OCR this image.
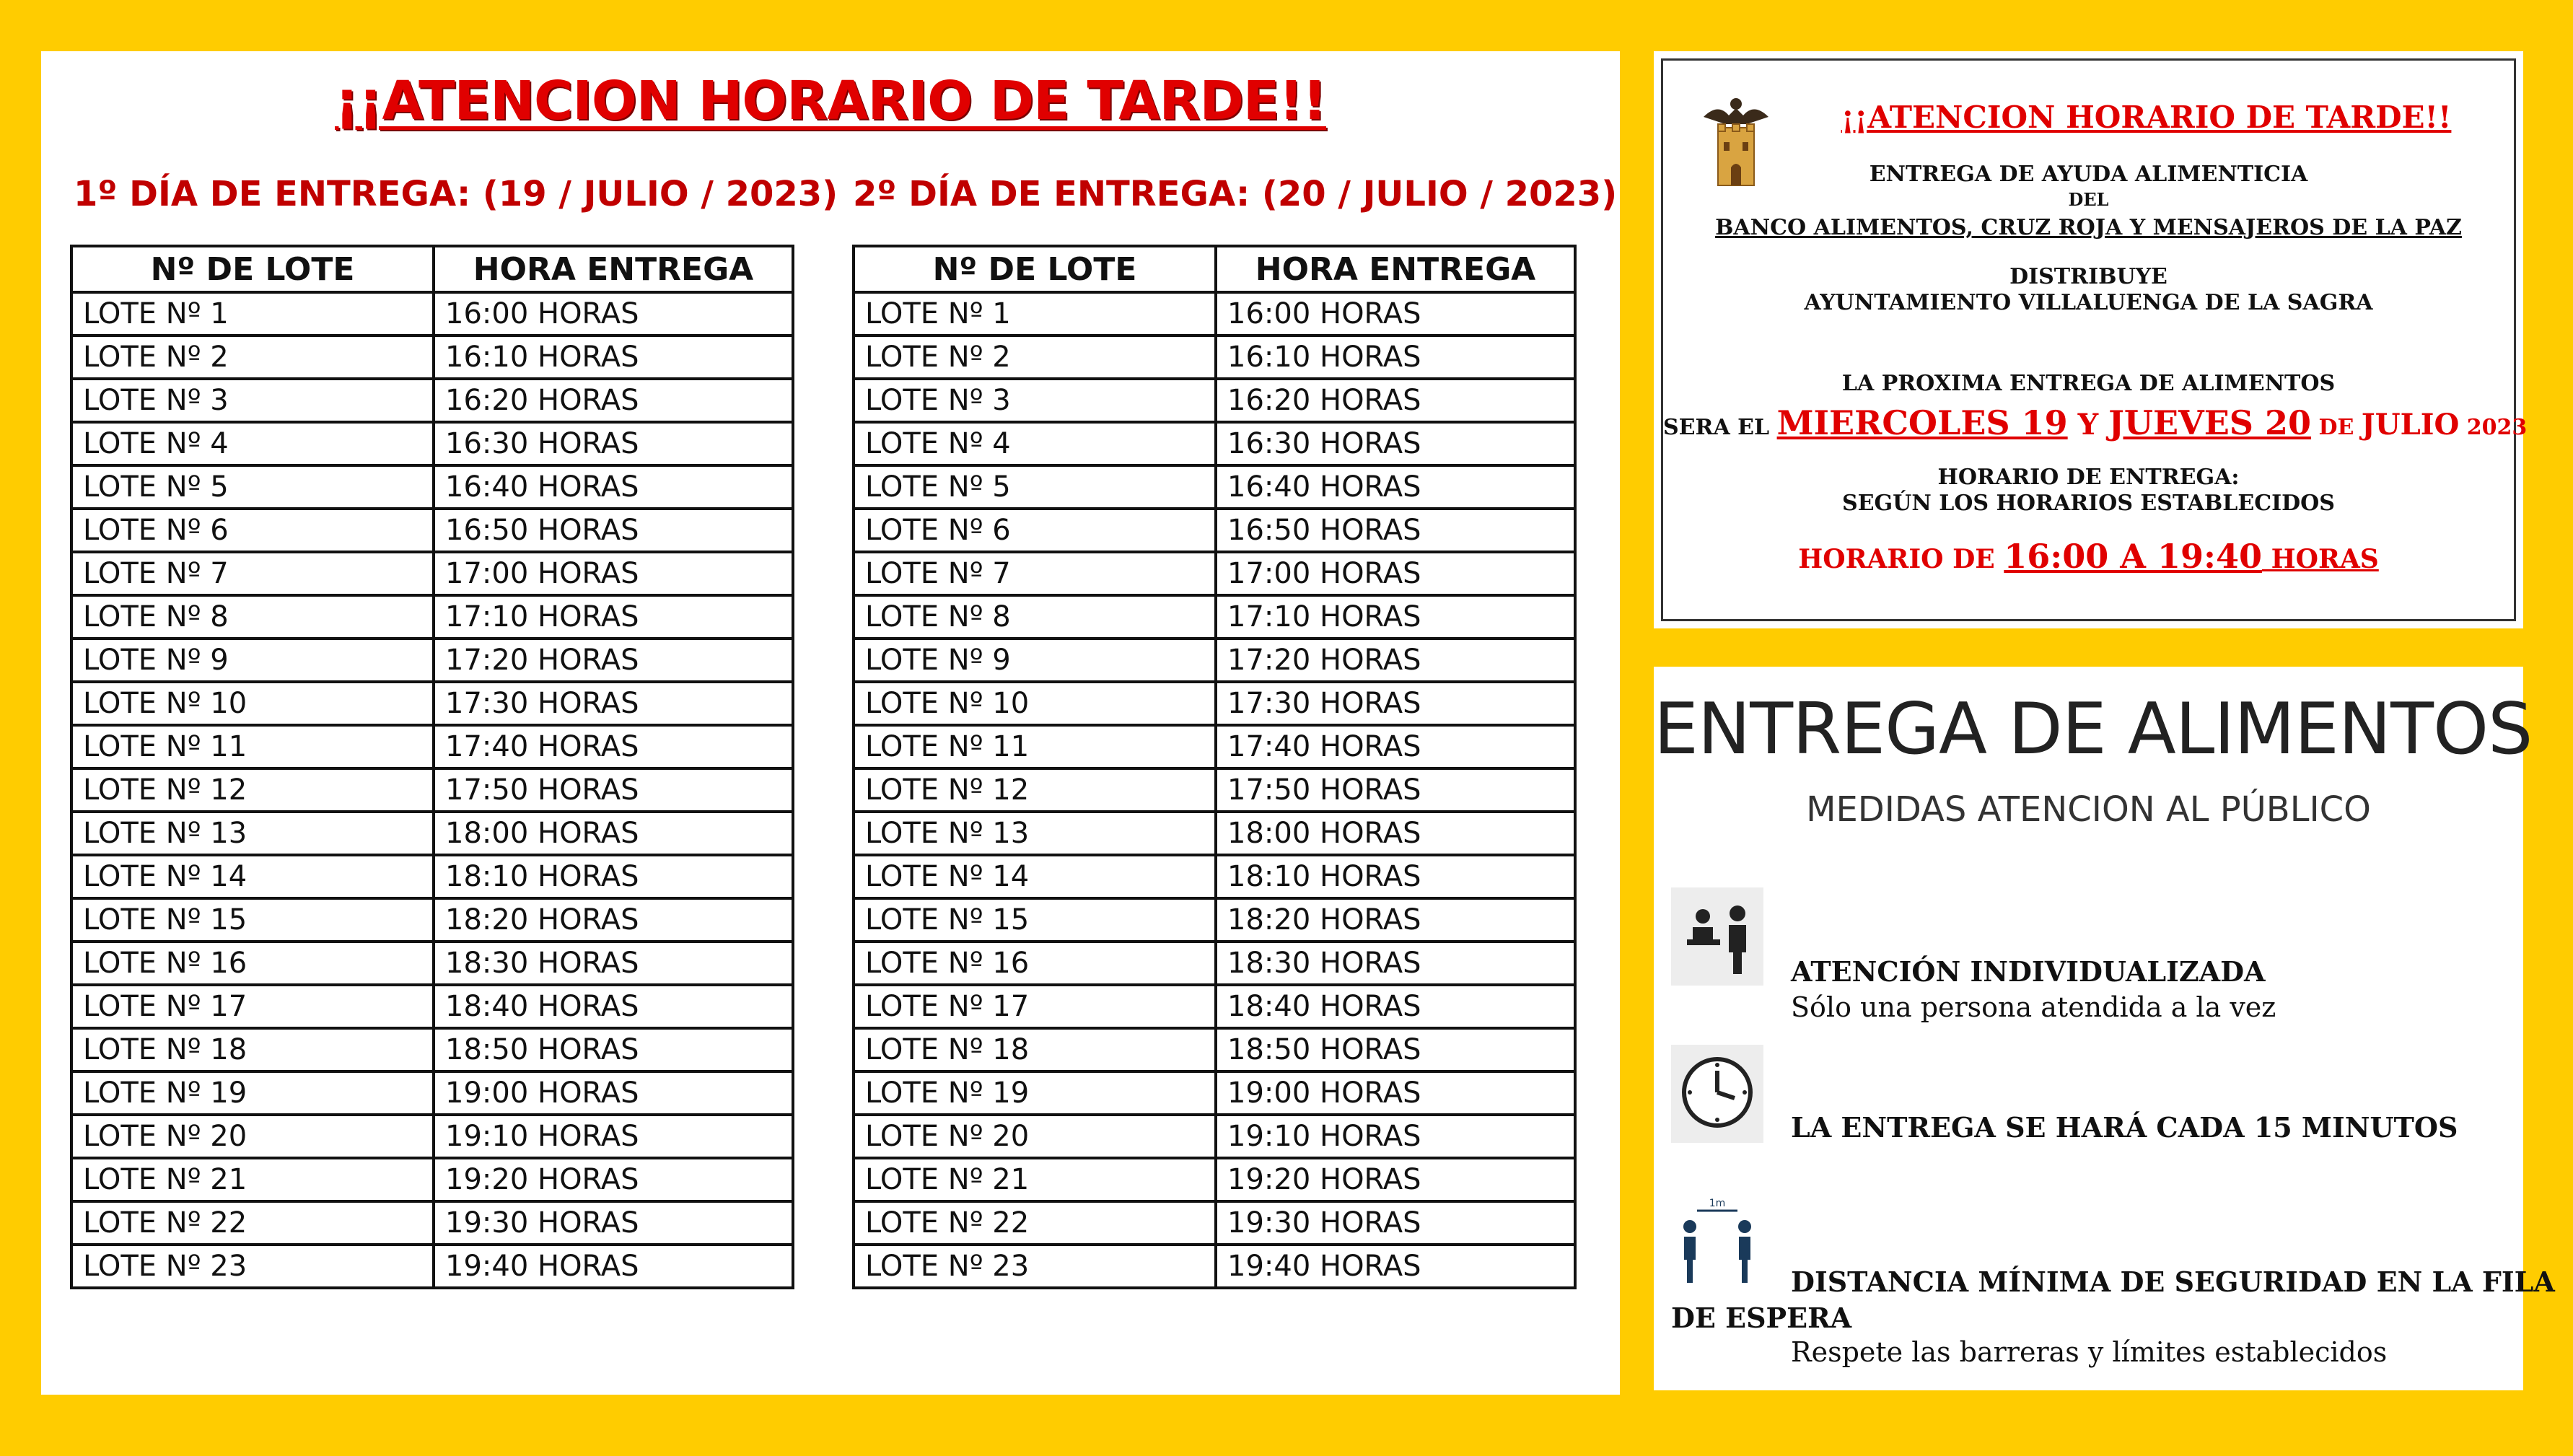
¡¡ATENCION HORARIO DE TARDE!!
1º DÍA DE ENTREGA: (19 / JULIO / 2023) 2º DÍA DE ENTREGA: (20 / JULIO / 2023)
Nº DE LOTE	HORA ENTREGA
LOTE Nº 1	16:00 HORAS
LOTE Nº 2	16:10 HORAS
LOTE Nº 3	16:20 HORAS
LOTE Nº 4	16:30 HORAS
LOTE Nº 5	16:40 HORAS
LOTE Nº 6	16:50 HORAS
LOTE Nº 7	17:00 HORAS
LOTE Nº 8	17:10 HORAS
LOTE Nº 9	17:20 HORAS
LOTE Nº 10	17:30 HORAS
LOTE Nº 11	17:40 HORAS
LOTE Nº 12	17:50 HORAS
LOTE Nº 13	18:00 HORAS
LOTE Nº 14	18:10 HORAS
LOTE Nº 15	18:20 HORAS
LOTE Nº 16	18:30 HORAS
LOTE Nº 17	18:40 HORAS
LOTE Nº 18	18:50 HORAS
LOTE Nº 19	19:00 HORAS
LOTE Nº 20	19:10 HORAS
LOTE Nº 21	19:20 HORAS
LOTE Nº 22	19:30 HORAS
LOTE Nº 23	19:40 HORAS
Nº DE LOTE	HORA ENTREGA
LOTE Nº 1	16:00 HORAS
LOTE Nº 2	16:10 HORAS
LOTE Nº 3	16:20 HORAS
LOTE Nº 4	16:30 HORAS
LOTE Nº 5	16:40 HORAS
LOTE Nº 6	16:50 HORAS
LOTE Nº 7	17:00 HORAS
LOTE Nº 8	17:10 HORAS
LOTE Nº 9	17:20 HORAS
LOTE Nº 10	17:30 HORAS
LOTE Nº 11	17:40 HORAS
LOTE Nº 12	17:50 HORAS
LOTE Nº 13	18:00 HORAS
LOTE Nº 14	18:10 HORAS
LOTE Nº 15	18:20 HORAS
LOTE Nº 16	18:30 HORAS
LOTE Nº 17	18:40 HORAS
LOTE Nº 18	18:50 HORAS
LOTE Nº 19	19:00 HORAS
LOTE Nº 20	19:10 HORAS
LOTE Nº 21	19:20 HORAS
LOTE Nº 22	19:30 HORAS
LOTE Nº 23	19:40 HORAS
¡¡ATENCION HORARIO DE TARDE!!
ENTREGA DE AYUDA ALIMENTICIA
DEL
BANCO ALIMENTOS, CRUZ ROJA Y MENSAJEROS DE LA PAZ
DISTRIBUYE
AYUNTAMIENTO VILLALUENGA DE LA SAGRA
LA PROXIMA ENTREGA DE ALIMENTOS
SERA EL MIERCOLES 19 Y JUEVES 20 DE JULIO 2023
HORARIO DE ENTREGA:
SEGÚN LOS HORARIOS ESTABLECIDOS
HORARIO DE 16:00 A 19:40 HORAS
ENTREGA DE ALIMENTOS
MEDIDAS ATENCION AL PÚBLICO
ATENCIÓN INDIVIDUALIZADA
Sólo una persona atendida a la vez
LA ENTREGA SE HARÁ CADA 15 MINUTOS
1m
DISTANCIA MÍNIMA DE SEGURIDAD EN LA FILA
DE ESPERA
Respete las barreras y límites establecidos
